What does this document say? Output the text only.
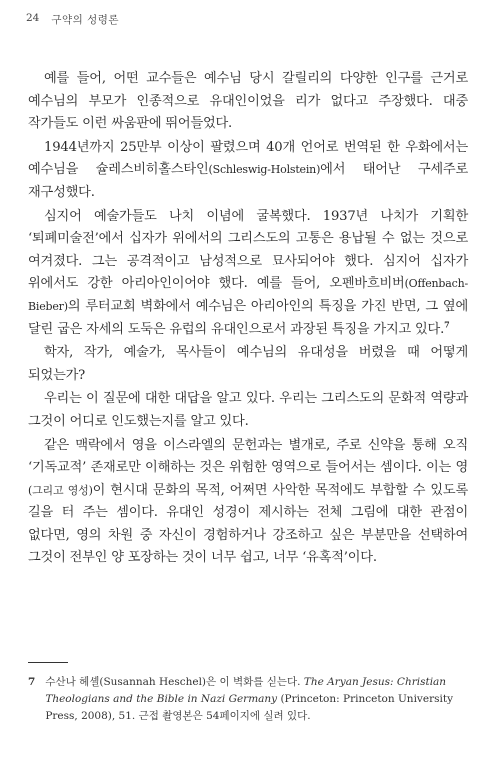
24 구약의 성령론

예를 들어, 어떤 교수들은 예수님 당시 갈릴리의 다양한 인구를 근거로 예수님의 부모가 인종적으로 유대인이었을 리가 없다고 주장했다. 대중 작가들도 이런 싸움판에 뛰어들었다.

1944년까지 25만부 이상이 팔렸으며 40개 언어로 번역된 한 우화에서는 예수님을 슐레스비히홀스타인(Schleswig-Holstein)에서 태어난 구세주로 재구성했다.

심지어 예술가들도 나치 이념에 굴복했다. 1937년 나치가 기획한 ‘퇴폐미술전’에서 십자가 위에서의 그리스도의 고통은 용납될 수 없는 것으로 여겨졌다. 그는 공격적이고 남성적으로 묘사되어야 했다. 심지어 십자가 위에서도 강한 아리아인이어야 했다. 예를 들어, 오펜바흐비버(Offenbach-Bieber)의 루터교회 벽화에서 예수님은 아리아인의 특징을 가진 반면, 그 옆에 달린 굽은 자세의 도둑은 유럽의 유대인으로서 과장된 특징을 가지고 있다.$^7$

학자, 작가, 예술가, 목사들이 예수님의 유대성을 버렸을 때 어떻게 되었는가?

우리는 이 질문에 대한 대답을 알고 있다. 우리는 그리스도의 문화적 역량과 그것이 어디로 인도했는지를 알고 있다.

같은 맥락에서 영을 이스라엘의 문헌과는 별개로, 주로 신약을 통해 오직 ‘기독교적’ 존재로만 이해하는 것은 위험한 영역으로 들어서는 셈이다. 이는 영(그리고 영성)이 현시대 문화의 목적, 어쩌면 사악한 목적에도 부합할 수 있도록 길을 터 주는 셈이다. 유대인 성경이 제시하는 전체 그림에 대한 관점이 없다면, 영의 차원 중 자신이 경험하거나 강조하고 싶은 부분만을 선택하여 그것이 전부인 양 포장하는 것이 너무 쉽고, 너무 ‘유혹적’이다.

7 수산나 헤셸(Susannah Heschel)은 이 벽화를 싣는다. The Aryan Jesus: Christian Theologians and the Bible in Nazi Germany (Princeton: Princeton University Press, 2008), 51. 근접 촬영본은 54페이지에 실려 있다.
